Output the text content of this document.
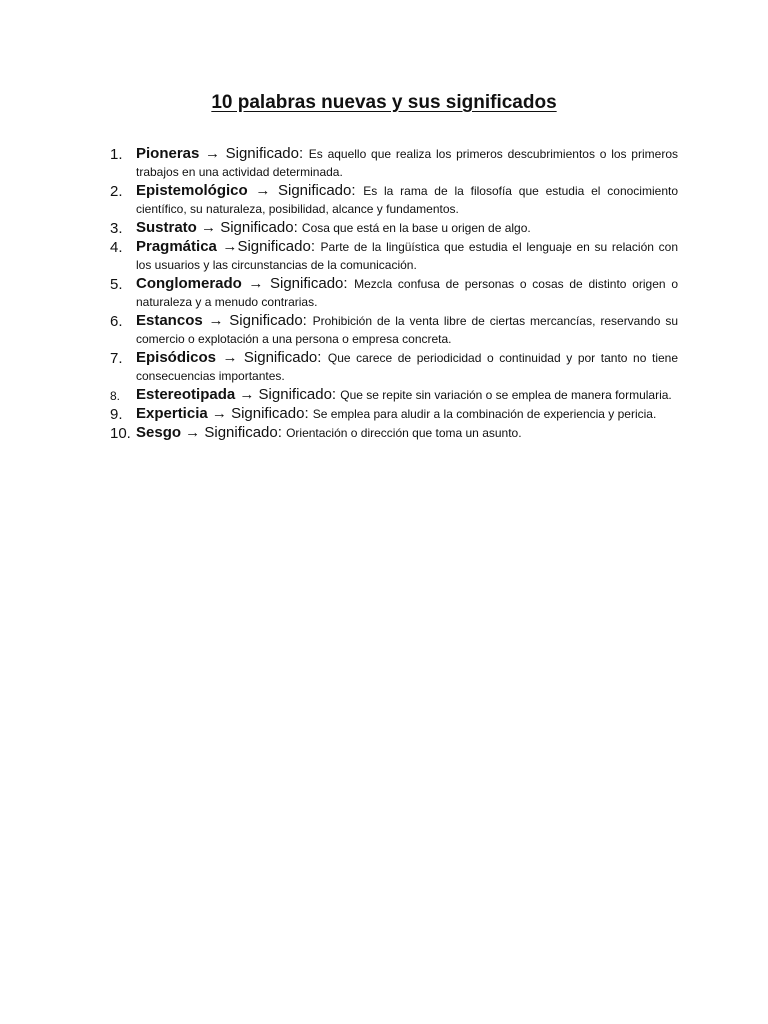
10 palabras nuevas y sus significados
1. Pioneras → Significado: Es aquello que realiza los primeros descubrimientos o los primeros trabajos en una actividad determinada.
2. Epistemológico → Significado: Es la rama de la filosofía que estudia el conocimiento científico, su naturaleza, posibilidad, alcance y fundamentos.
3. Sustrato → Significado: Cosa que está en la base u origen de algo.
4. Pragmática →Significado: Parte de la lingüística que estudia el lenguaje en su relación con los usuarios y las circunstancias de la comunicación.
5. Conglomerado → Significado: Mezcla confusa de personas o cosas de distinto origen o naturaleza y a menudo contrarias.
6. Estancos → Significado: Prohibición de la venta libre de ciertas mercancías, reservando su comercio o explotación a una persona o empresa concreta.
7. Episódicos → Significado: Que carece de periodicidad o continuidad y por tanto no tiene consecuencias importantes.
8. Estereotipada → Significado: Que se repite sin variación o se emplea de manera formularia.
9. Experticia → Significado: Se emplea para aludir a la combinación de experiencia y pericia.
10. Sesgo → Significado: Orientación o dirección que toma un asunto.
